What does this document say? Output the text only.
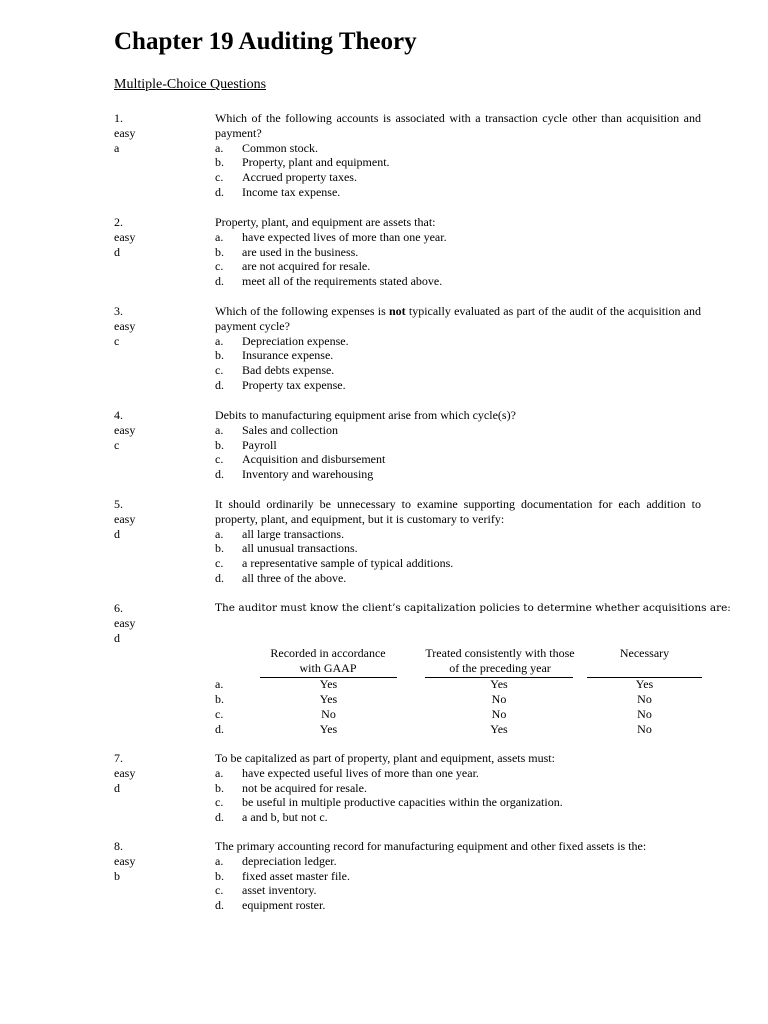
Chapter 19 Auditing Theory
Multiple-Choice Questions
1.
easy
a
Which of the following accounts is associated with a transaction cycle other than acquisition and payment?
a. Common stock.
b. Property, plant and equipment.
c. Accrued property taxes.
d. Income tax expense.
2.
easy
d
Property, plant, and equipment are assets that:
a. have expected lives of more than one year.
b. are used in the business.
c. are not acquired for resale.
d. meet all of the requirements stated above.
3.
easy
c
Which of the following expenses is not typically evaluated as part of the audit of the acquisition and payment cycle?
a. Depreciation expense.
b. Insurance expense.
c. Bad debts expense.
d. Property tax expense.
4.
easy
c
Debits to manufacturing equipment arise from which cycle(s)?
a. Sales and collection
b. Payroll
c. Acquisition and disbursement
d. Inventory and warehousing
5.
easy
d
It should ordinarily be unnecessary to examine supporting documentation for each addition to property, plant, and equipment, but it is customary to verify:
a. all large transactions.
b. all unusual transactions.
c. a representative sample of typical additions.
d. all three of the above.
6.
easy
d
The auditor must know the client’s capitalization policies to determine whether acquisitions are:
Recorded in accordance with GAAP
Treated consistently with those of the preceding year
Necessary
a.	Yes	Yes	Yes
b.	Yes	No	No
c.	No	No	No
d.	Yes	Yes	No
7.
easy
d
To be capitalized as part of property, plant and equipment, assets must:
a. have expected useful lives of more than one year.
b. not be acquired for resale.
c. be useful in multiple productive capacities within the organization.
d. a and b, but not c.
8.
easy
b
The primary accounting record for manufacturing equipment and other fixed assets is the:
a. depreciation ledger.
b. fixed asset master file.
c. asset inventory.
d. equipment roster.
